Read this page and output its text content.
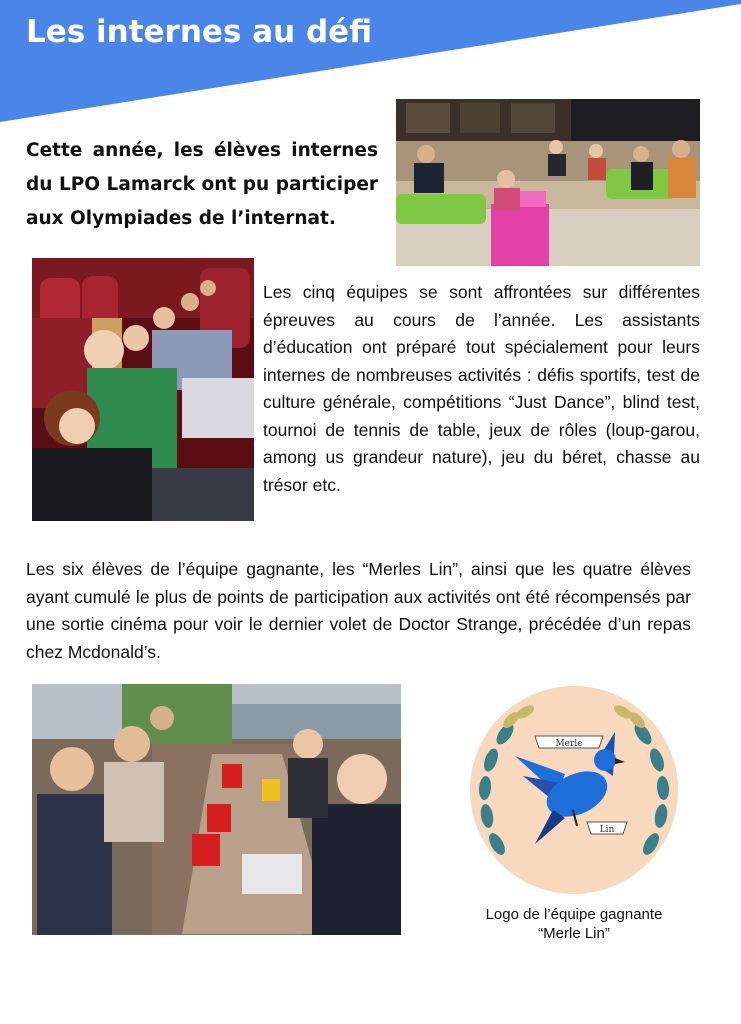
Les internes au défi
Cette année, les élèves internes du LPO Lamarck ont pu participer aux Olympiades de l’internat.
Les cinq équipes se sont affrontées sur différentes épreuves au cours de l’année. Les assistants d’éducation ont préparé tout spécialement pour leurs internes de nombreuses activités : défis sportifs, test de culture générale, compétitions “Just Dance”, blind test, tournoi de tennis de table, jeux de rôles (loup-garou, among us grandeur nature), jeu du béret, chasse au trésor etc.
Les six élèves de l’équipe gagnante, les “Merles Lin”, ainsi que les quatre élèves ayant cumulé le plus de points de participation aux activités ont été récompensés par une sortie cinéma pour voir le dernier volet de Doctor Strange, précédée d’un repas chez Mcdonald’s.
Merle
Lin
Logo de l’équipe gagnante
“Merle Lin”
